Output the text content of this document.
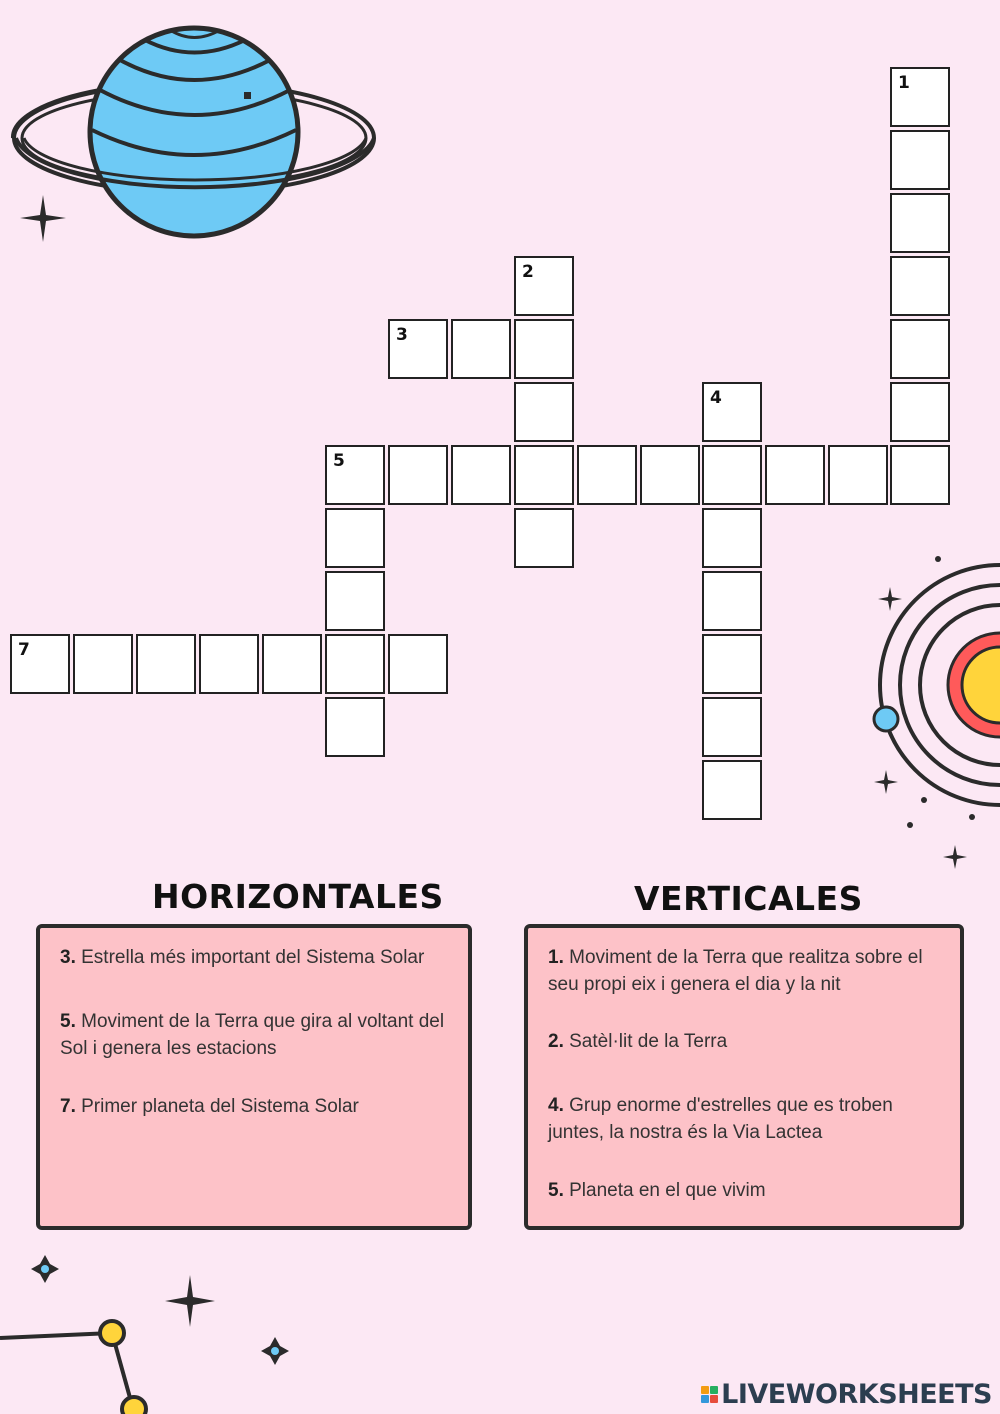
1
2
3
4
5
7
HORIZONTALES	VERTICALES

3. Estrella més important del Sistema Solar

5. Moviment de la Terra que gira al voltant del Sol i genera les estacions

7. Primer planeta del Sistema Solar

1. Moviment de la Terra que realitza sobre el seu propi eix i genera el dia y la nit

2. Satèl·lit de la Terra

4. Grup enorme d'estrelles que es troben juntes, la nostra és la Via Lactea

5. Planeta en el que vivim

LIVEWORKSHEETS
